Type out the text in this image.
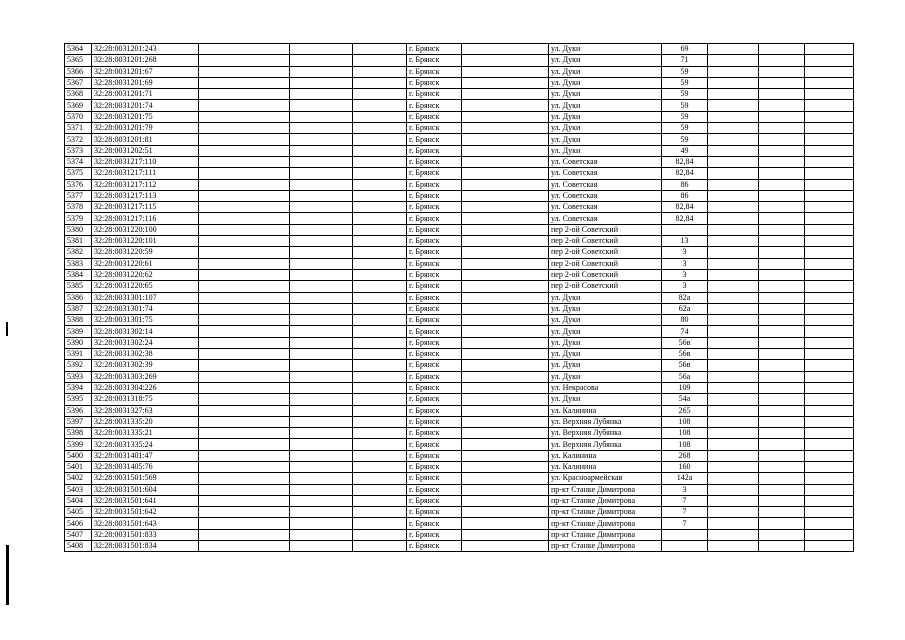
5364	32:28:0031201:243				г. Брянск		ул. Дуки	69			
5365	32:28:0031201:268				г. Брянск		ул. Дуки	71			
5366	32:28:0031201:67				г. Брянск		ул. Дуки	59			
5367	32:28:0031201:69				г. Брянск		ул. Дуки	59			
5368	32:28:0031201:71				г. Брянск		ул. Дуки	59			
5369	32:28:0031201:74				г. Брянск		ул. Дуки	59			
5370	32:28:0031201:75				г. Брянск		ул. Дуки	59			
5371	32:28:0031201:79				г. Брянск		ул. Дуки	59			
5372	32:28:0031201:81				г. Брянск		ул. Дуки	59			
5373	32:28:0031202:51				г. Брянск		ул. Дуки	49			
5374	32:28:0031217:110				г. Брянск		ул. Советская	82,84			
5375	32:28:0031217:111				г. Брянск		ул. Советская	82,84			
5376	32:28:0031217:112				г. Брянск		ул. Советская	86			
5377	32:28:0031217:113				г. Брянск		ул. Советская	86			
5378	32:28:0031217:115				г. Брянск		ул. Советская	82,84			
5379	32:28:0031217:116				г. Брянск		ул. Советская	82,84			
5380	32:28:0031220:100				г. Брянск		пер 2-ой Советский				
5381	32:28:0031220:101				г. Брянск		пер 2-ой Советский	13			
5382	32:28:0031220:59				г. Брянск		пер 2-ой Советский	3			
5383	32:28:0031220:61				г. Брянск		пер 2-ой Советский	3			
5384	32:28:0031220:62				г. Брянск		пер 2-ой Советский	3			
5385	32:28:0031220:65				г. Брянск		пер 2-ой Советский	3			
5386	32:28:0031301:107				г. Брянск		ул. Дуки	82а			
5387	32:28:0031301:74				г. Брянск		ул. Дуки	62а			
5388	32:28:0031301:75				г. Брянск		ул. Дуки	80			
5389	32:28:0031302:14				г. Брянск		ул. Дуки	74			
5390	32:28:0031302:24				г. Брянск		ул. Дуки	56в			
5391	32:28:0031302:38				г. Брянск		ул. Дуки	56в			
5392	32:28:0031302:39				г. Брянск		ул. Дуки	56в			
5393	32:28:0031303:269				г. Брянск		ул. Дуки	56а			
5394	32:28:0031304:226				г. Брянск		ул. Некрасова	109			
5395	32:28:0031318:75				г. Брянск		ул. Дуки	54а			
5396	32:28:0031327:63				г. Брянск		ул. Калинина	265			
5397	32:28:0031335:20				г. Брянск		ул. Верхняя Лубянка	108			
5398	32:28:0031335:21				г. Брянск		ул. Верхняя Лубянка	108			
5399	32:28:0031335:24				г. Брянск		ул. Верхняя Лубянка	108			
5400	32:28:0031401:47				г. Брянск		ул. Калинина	268			
5401	32:28:0031405:76				г. Брянск		ул. Калинина	160			
5402	32:28:0031501:569				г. Брянск		ул. Красноармейская	142а			
5403	32:28:0031501:604				г. Брянск		пр-кт Станке Димитрова	3			
5404	32:28:0031501:641				г. Брянск		пр-кт Станке Димитрова	7			
5405	32:28:0031501:642				г. Брянск		пр-кт Станке Димитрова	7			
5406	32:28:0031501:643				г. Брянск		пр-кт Станке Димитрова	7			
5407	32:28:0031501:833				г. Брянск		пр-кт Станке Димитрова				
5408	32:28:0031501:834				г. Брянск		пр-кт Станке Димитрова				
